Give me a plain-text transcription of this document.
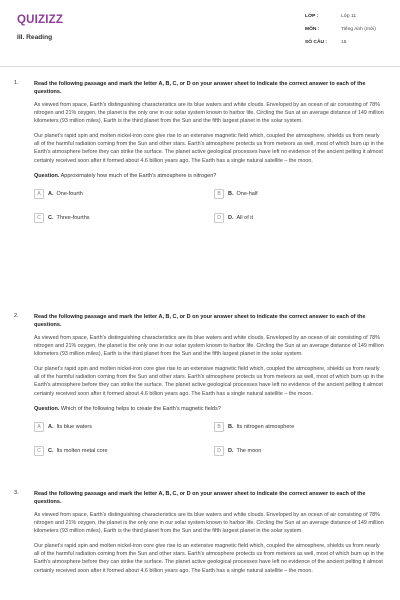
QUIZIZZ
III. Reading
LỚP :	Lớp 11
MÔN :	Tiếng Anh (mới)
SỐ CÂU :	15
1.	Read the following passage and mark the letter A, B, C, or D on your answer sheet to indicate the correct answer to each of the questions.
As viewed from space, Earth's distinguishing characteristics are its blue waters and white clouds. Enveloped by an ocean of air consisting of 78% nitrogen and 21% oxygen, the planet is the only one in our solar system known to harbor life. Circling the Sun at an average distance of 149 million kilometers (93 million miles), Earth is the third planet from the Sun and the fifth largest planet in the solar system.
Our planet's rapid spin and molten nickel-iron core give rise to an extensive magnetic field which, coupled the atmosphere, shields us from nearly all of the harmful radiation coming from the Sun and other stars. Earth's atmosphere protects us from meteors as well, most of which burn up in the Earth's atmosphere before they can strike the surface. The planet active geological processes have left no evidence of the ancient pelting it almost certainly received soon after it formed about 4.6 billion years ago. The Earth has a single natural satellite – the moon.
Question. Approximately how much of the Earth's atmosphere is nitrogen?
A	A. One-fourth	B	B. One-half
C	C. Three-fourths	D	D. All of it
2.	Read the following passage and mark the letter A, B, C, or D on your answer sheet to indicate the correct answer to each of the questions.
As viewed from space, Earth's distinguishing characteristics are its blue waters and white clouds. Enveloped by an ocean of air consisting of 78% nitrogen and 21% oxygen, the planet is the only one in our solar system known to harbor life. Circling the Sun at an average distance of 149 million kilometers (93 million miles), Earth is the third planet from the Sun and the fifth largest planet in the solar system.
Our planet's rapid spin and molten nickel-iron core give rise to an extensive magnetic field which, coupled the atmosphere, shields us from nearly all of the harmful radiation coming from the Sun and other stars. Earth's atmosphere protects us from meteors as well, most of which burn up in the Earth's atmosphere before they can strike the surface. The planet active geological processes have left no evidence of the ancient pelting it almost certainly received soon after it formed about 4.6 billion years ago. The Earth has a single natural satellite – the moon.
Question. Which of the following helps to create the Earth's magnetic fields?
A	A. Its blue waters	B	B. Its nitrogen atmosphere
C	C. Its molten metal core	D	D. The moon
3.	Read the following passage and mark the letter A, B, C, or D on your answer sheet to indicate the correct answer to each of the questions.
As viewed from space, Earth's distinguishing characteristics are its blue waters and white clouds. Enveloped by an ocean of air consisting of 78% nitrogen and 21% oxygen, the planet is the only one in our solar system known to harbor life. Circling the Sun at an average distance of 149 million kilometers (93 million miles), Earth is the third planet from the Sun and the fifth largest planet in the solar system.
Our planet's rapid spin and molten nickel-iron core give rise to an extensive magnetic field which, coupled the atmosphere, shields us from nearly all of the harmful radiation coming from the Sun and other stars. Earth's atmosphere protects us from meteors as well, most of which burn up in the Earth's atmosphere before they can strike the surface. The planet active geological processes have left no evidence of the ancient pelting it almost certainly received soon after it formed about 4.6 billion years ago. The Earth has a single natural satellite – the moon.
